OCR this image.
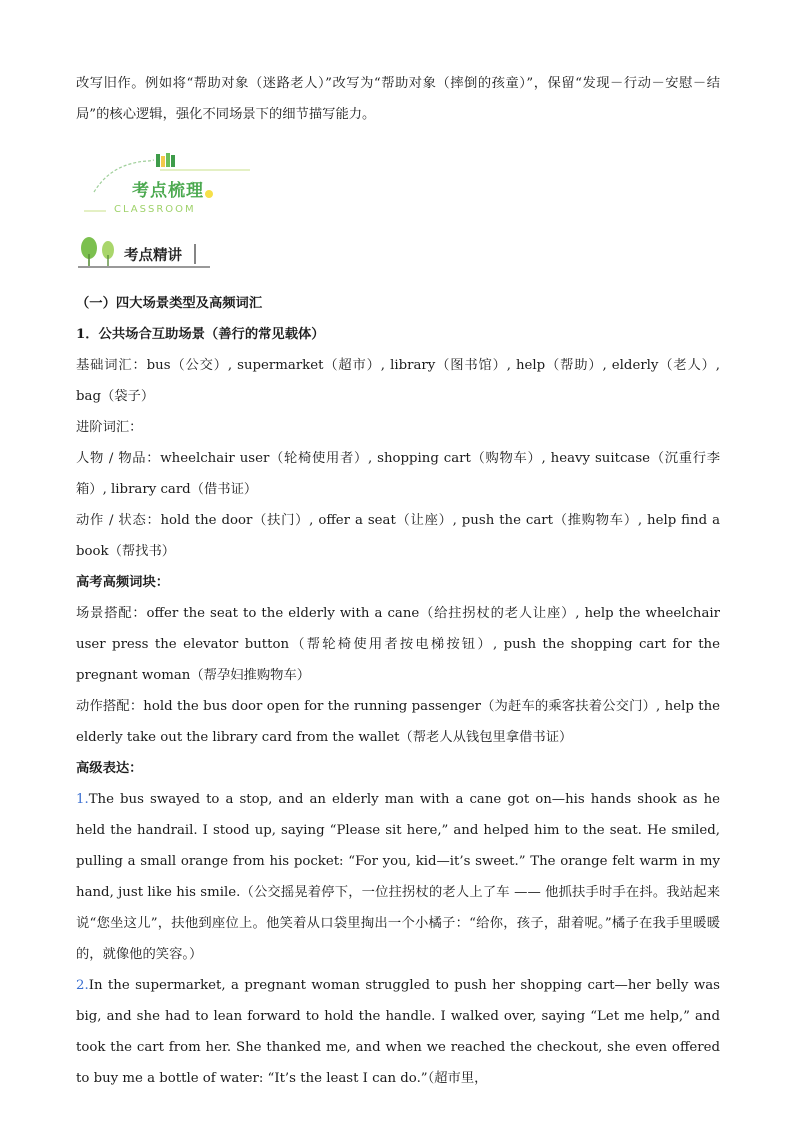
改写旧作。例如将“帮助对象（迷路老人）”改写为“帮助对象（摔倒的孩童）”，保留“发现－行动－安慰－结局”的核心逻辑，强化不同场景下的细节描写能力。

考点梳理
CLASSROOM
考点精讲

（一）四大场景类型及高频词汇

1．公共场合互助场景（善行的常见载体）

基础词汇：bus（公交）, supermarket（超市）, library（图书馆）, help（帮助）, elderly（老人）, bag（袋子）

进阶词汇：

人物 / 物品：wheelchair user（轮椅使用者）, shopping cart（购物车）, heavy suitcase（沉重行李箱）, library card（借书证）

动作 / 状态：hold the door（扶门）, offer a seat（让座）, push the cart（推购物车）, help find a book（帮找书）

高考高频词块：

场景搭配：offer the seat to the elderly with a cane（给拄拐杖的老人让座）, help the wheelchair user press the elevator button（帮轮椅使用者按电梯按钮）, push the shopping cart for the pregnant woman（帮孕妇推购物车）

动作搭配：hold the bus door open for the running passenger（为赶车的乘客扶着公交门）, help the elderly take out the library card from the wallet（帮老人从钱包里拿借书证）

高级表达：

1.The bus swayed to a stop, and an elderly man with a cane got on—his hands shook as he held the handrail. I stood up, saying “Please sit here,” and helped him to the seat. He smiled, pulling a small orange from his pocket: “For you, kid—it’s sweet.” The orange felt warm in my hand, just like his smile.（公交摇晃着停下，一位拄拐杖的老人上了车 —— 他抓扶手时手在抖。我站起来说“您坐这儿”，扶他到座位上。他笑着从口袋里掏出一个小橘子：“给你，孩子，甜着呢。”橘子在我手里暖暖的，就像他的笑容。）

2.In the supermarket, a pregnant woman struggled to push her shopping cart—her belly was big, and she had to lean forward to hold the handle. I walked over, saying “Let me help,” and took the cart from her. She thanked me, and when we reached the checkout, she even offered to buy me a bottle of water: “It’s the least I can do.”（超市里，
